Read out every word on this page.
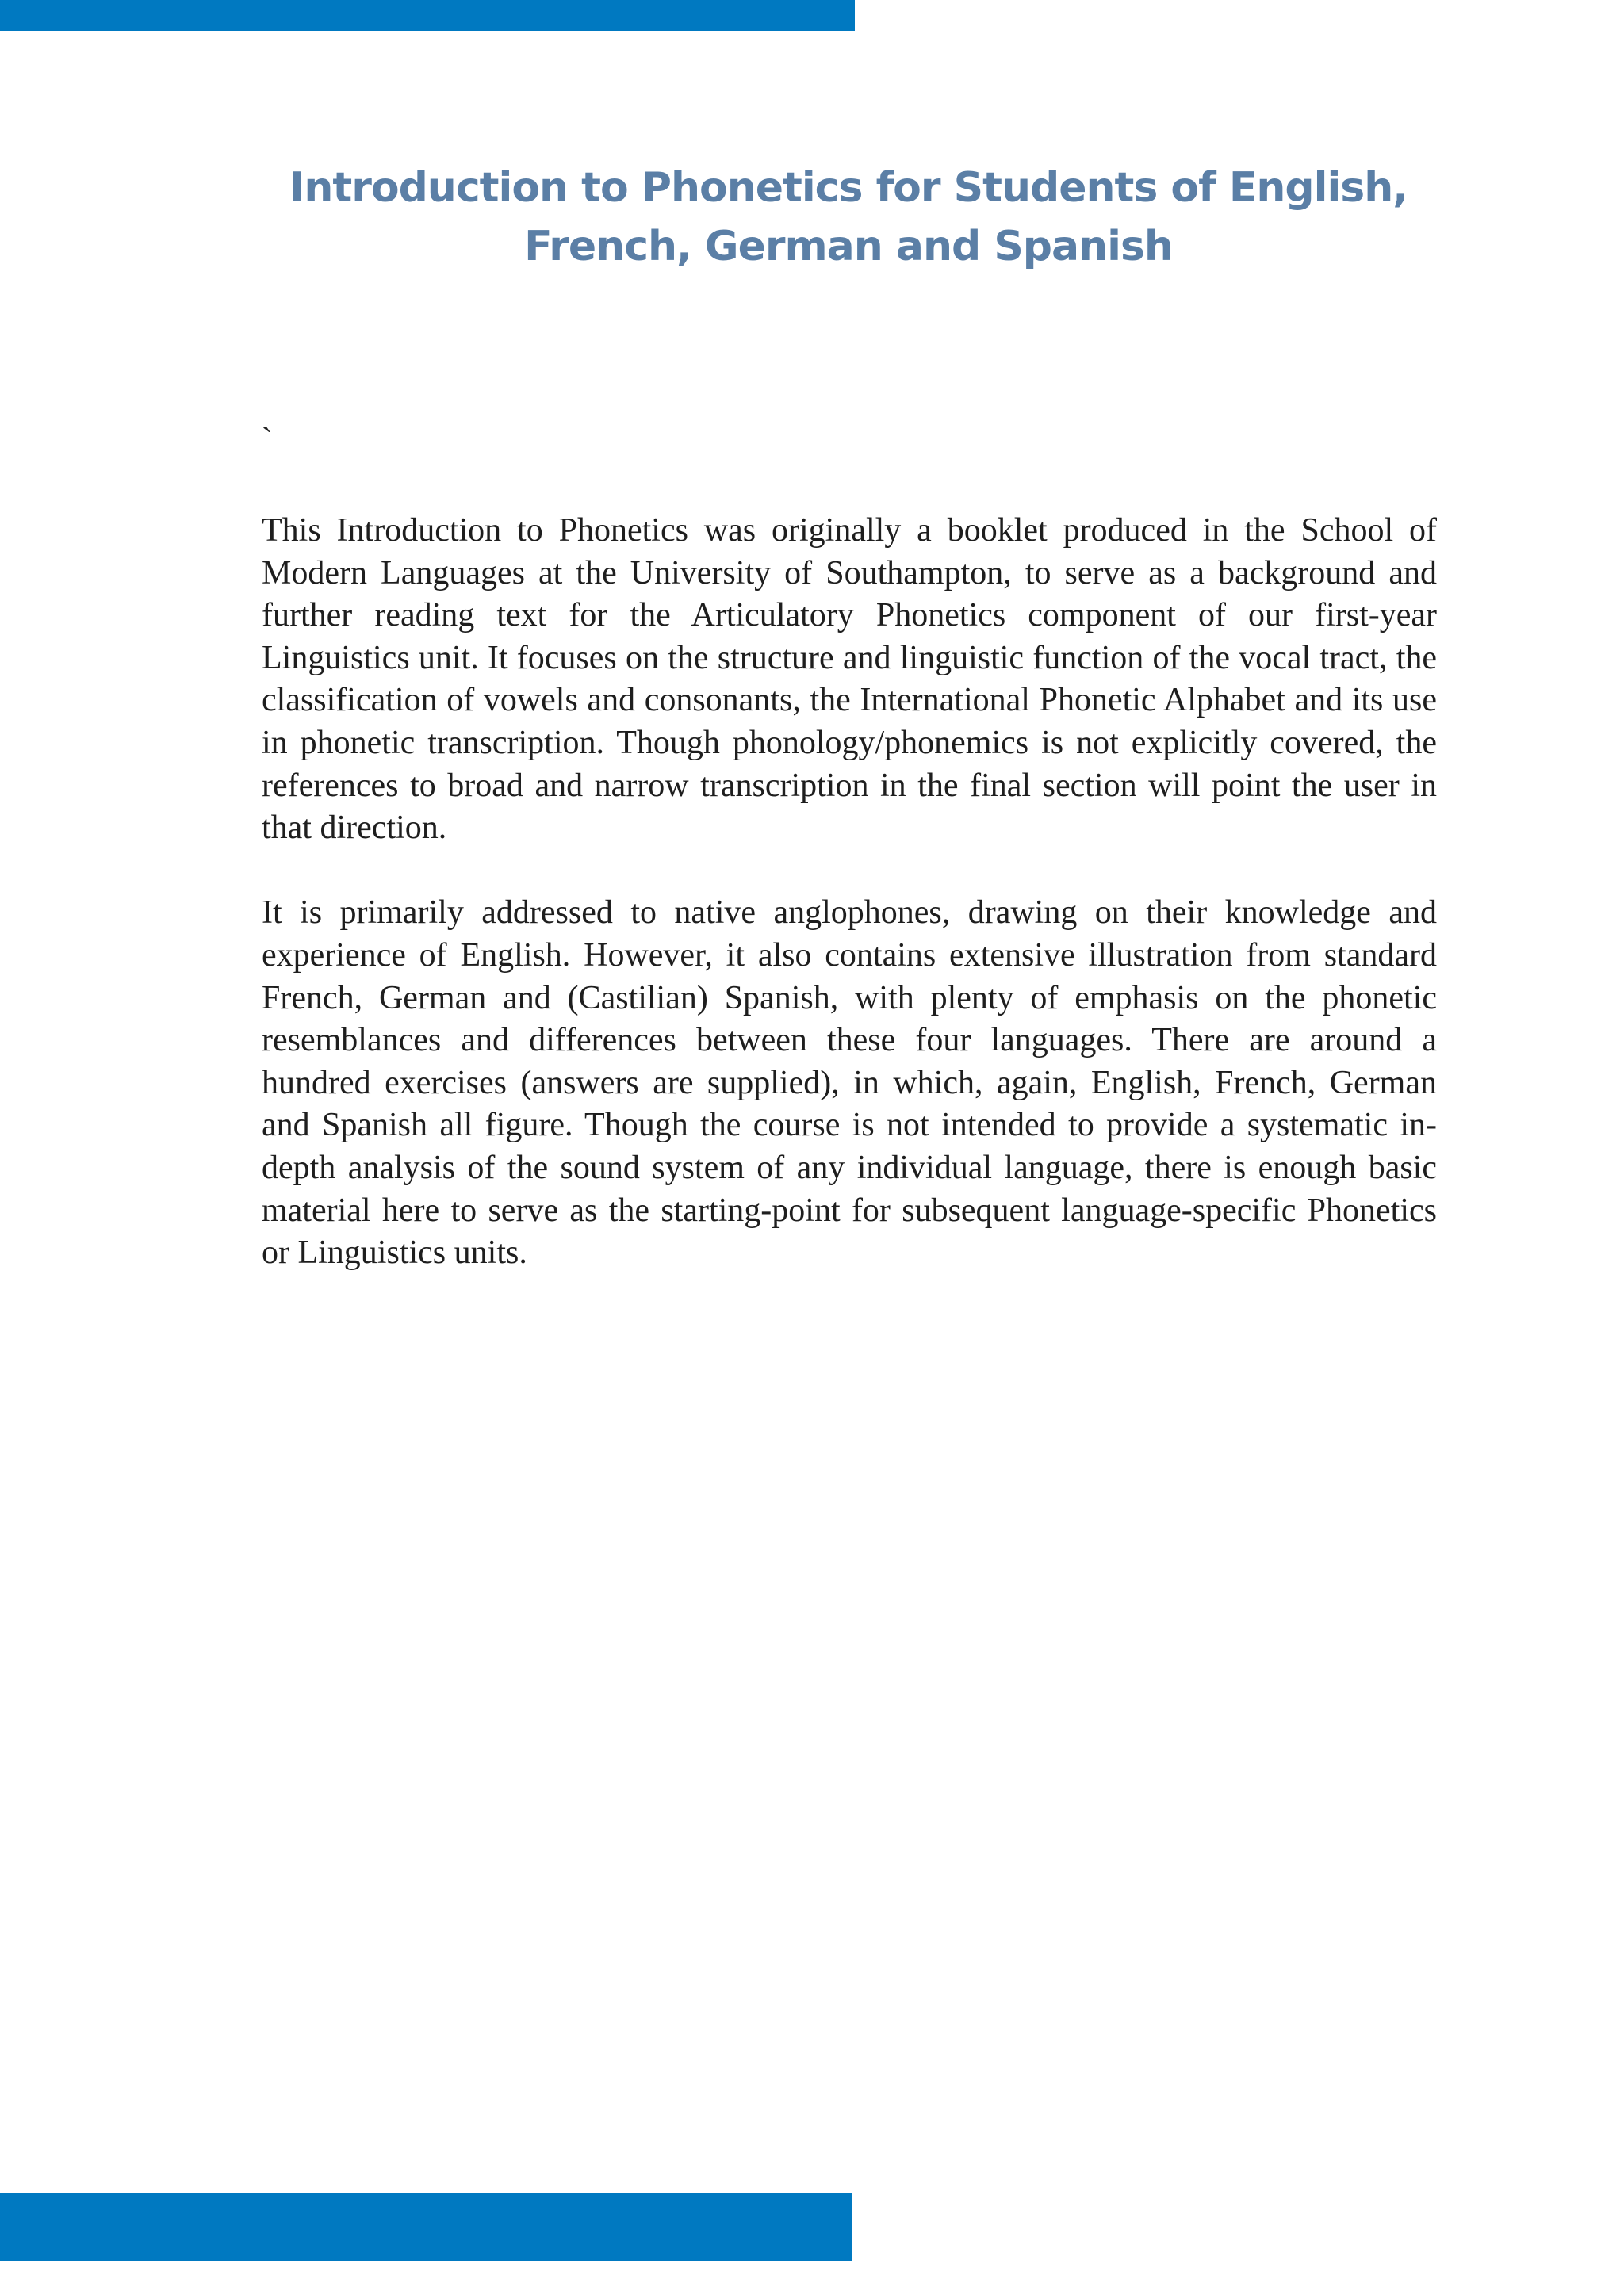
Introduction to Phonetics for Students of English,
French, German and Spanish
`

This Introduction to Phonetics was originally a booklet produced in the School of Modern Languages at the University of Southampton, to serve as a background and further reading text for the Articulatory Phonetics component of our first-year Linguistics unit. It focuses on the structure and linguistic function of the vocal tract, the classification of vowels and consonants, the International Phonetic Alphabet and its use in phonetic transcription. Though phonology/phonemics is not explicitly covered, the references to broad and narrow transcription in the final section will point the user in that direction.

It is primarily addressed to native anglophones, drawing on their knowledge and experience of English. However, it also contains extensive illustration from standard French, German and (Castilian) Spanish, with plenty of emphasis on the phonetic resemblances and differences between these four languages. There are around a hundred exercises (answers are supplied), in which, again, English, French, German and Spanish all figure. Though the course is not intended to provide a systematic in-depth analysis of the sound system of any individual language, there is enough basic material here to serve as the starting-point for subsequent language-specific Phonetics or Linguistics units.
